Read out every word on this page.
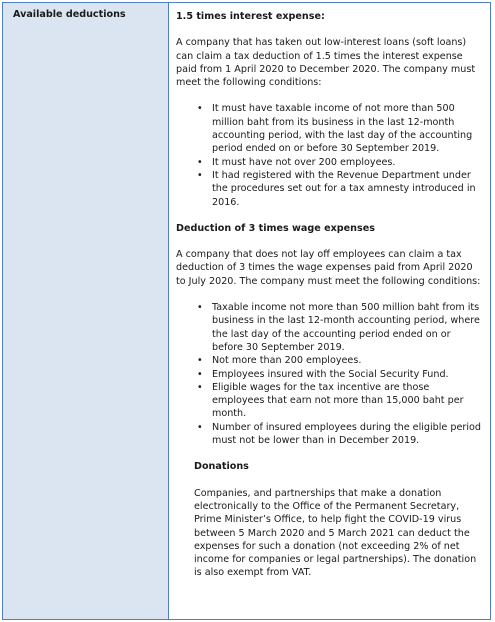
Available deductions	1.5 times interest expense:

A company that has taken out low-interest loans (soft loans) can claim a tax deduction of 1.5 times the interest expense paid from 1 April 2020 to December 2020. The company must meet the following conditions:

• It must have taxable income of not more than 500 million baht from its business in the last 12-month accounting period, with the last day of the accounting period ended on or before 30 September 2019.
• It must have not over 200 employees.
• It had registered with the Revenue Department under the procedures set out for a tax amnesty introduced in 2016.

Deduction of 3 times wage expenses

A company that does not lay off employees can claim a tax deduction of 3 times the wage expenses paid from April 2020 to July 2020. The company must meet the following conditions:

• Taxable income not more than 500 million baht from its business in the last 12-month accounting period, where the last day of the accounting period ended on or before 30 September 2019.
• Not more than 200 employees.
• Employees insured with the Social Security Fund.
• Eligible wages for the tax incentive are those employees that earn not more than 15,000 baht per month.
• Number of insured employees during the eligible period must not be lower than in December 2019.

Donations

Companies, and partnerships that make a donation electronically to the Office of the Permanent Secretary, Prime Minister’s Office, to help fight the COVID-19 virus between 5 March 2020 and 5 March 2021 can deduct the expenses for such a donation (not exceeding 2% of net income for companies or legal partnerships). The donation is also exempt from VAT.
